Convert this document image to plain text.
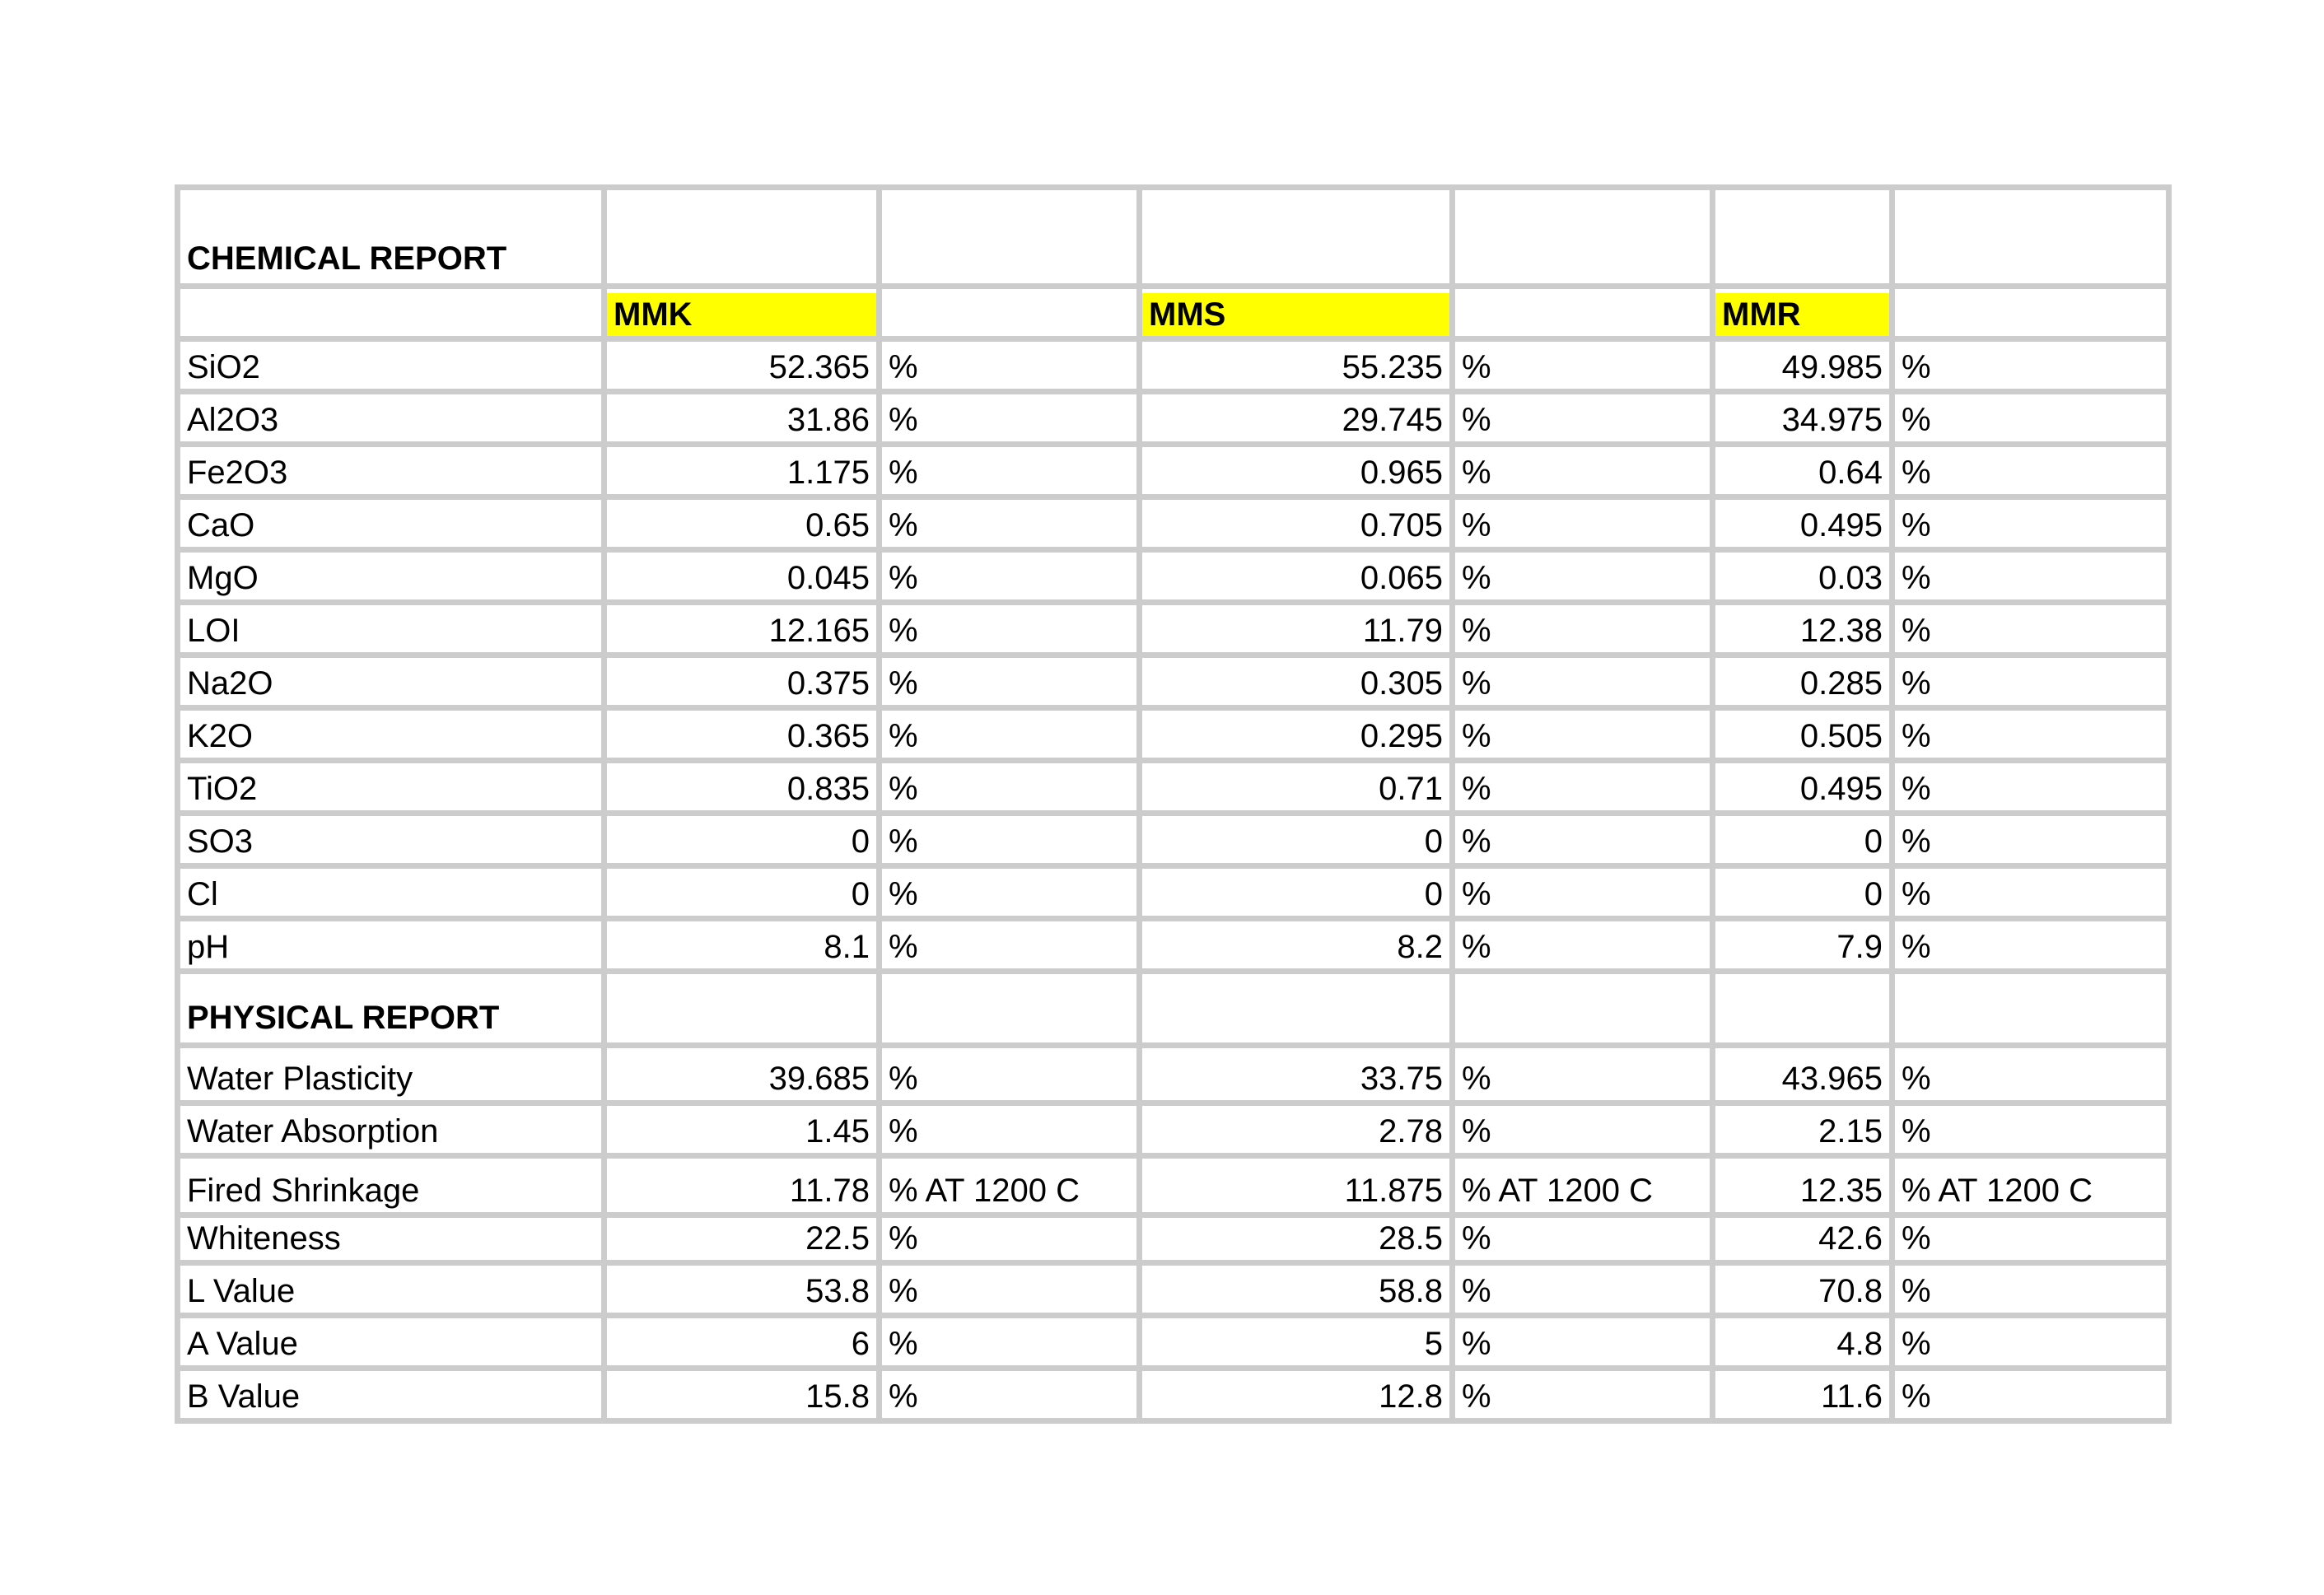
CHEMICAL REPORT						

	MMK		MMS		MMR	

SiO2	52.365	%	55.235	%	49.985	%
Al2O3	31.86	%	29.745	%	34.975	%
Fe2O3	1.175	%	0.965	%	0.64	%
CaO	0.65	%	0.705	%	0.495	%
MgO	0.045	%	0.065	%	0.03	%
LOI	12.165	%	11.79	%	12.38	%
Na2O	0.375	%	0.305	%	0.285	%
K2O	0.365	%	0.295	%	0.505	%
TiO2	0.835	%	0.71	%	0.495	%
SO3	0	%	0	%	0	%
Cl	0	%	0	%	0	%
pH	8.1	%	8.2	%	7.9	%
PHYSICAL REPORT						
Water Plasticity	39.685	%	33.75	%	43.965	%
Water Absorption	1.45	%	2.78	%	2.15	%
Fired Shrinkage	11.78	% AT 1200 C	11.875	% AT 1200 C	12.35	% AT 1200 C
Whiteness	22.5	%	28.5	%	42.6	%
L Value	53.8	%	58.8	%	70.8	%
A Value	6	%	5	%	4.8	%
B Value	15.8	%	12.8	%	11.6	%
